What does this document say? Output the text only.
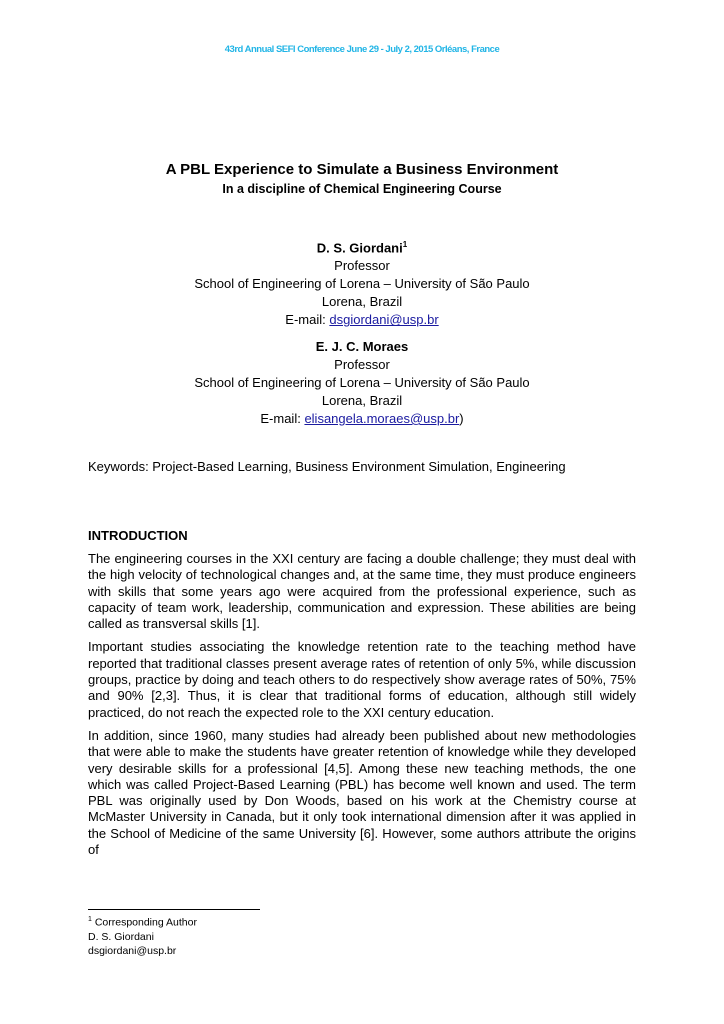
43rd Annual SEFI Conference June 29 - July 2, 2015 Orléans, France
A PBL Experience to Simulate a Business Environment
In a discipline of Chemical Engineering Course
D. S. Giordani$^1$
Professor
School of Engineering of Lorena – University of São Paulo
Lorena, Brazil
E-mail: dsgiordani@usp.br
E. J. C. Moraes
Professor
School of Engineering of Lorena – University of São Paulo
Lorena, Brazil
E-mail: elisangela.moraes@usp.br)
Keywords: Project-Based Learning, Business Environment Simulation, Engineering
INTRODUCTION

The engineering courses in the XXI century are facing a double challenge; they must deal with the high velocity of technological changes and, at the same time, they must produce engineers with skills that some years ago were acquired from the professional experience, such as capacity of team work, leadership, communication and expression. These abilities are being called as transversal skills [1].

Important studies associating the knowledge retention rate to the teaching method have reported that traditional classes present average rates of retention of only 5%, while discussion groups, practice by doing and teach others to do respectively show average rates of 50%, 75% and 90% [2,3]. Thus, it is clear that traditional forms of education, although still widely practiced, do not reach the expected role to the XXI century education.

In addition, since 1960, many studies had already been published about new methodologies that were able to make the students have greater retention of knowledge while they developed very desirable skills for a professional [4,5]. Among these new teaching methods, the one which was called Project-Based Learning (PBL) has become well known and used. The term PBL was originally used by Don Woods, based on his work at the Chemistry course at McMaster University in Canada, but it only took international dimension after it was applied in the School of Medicine of the same University [6]. However, some authors attribute the origins of

$^1$ Corresponding Author
D. S. Giordani
dsgiordani@usp.br
